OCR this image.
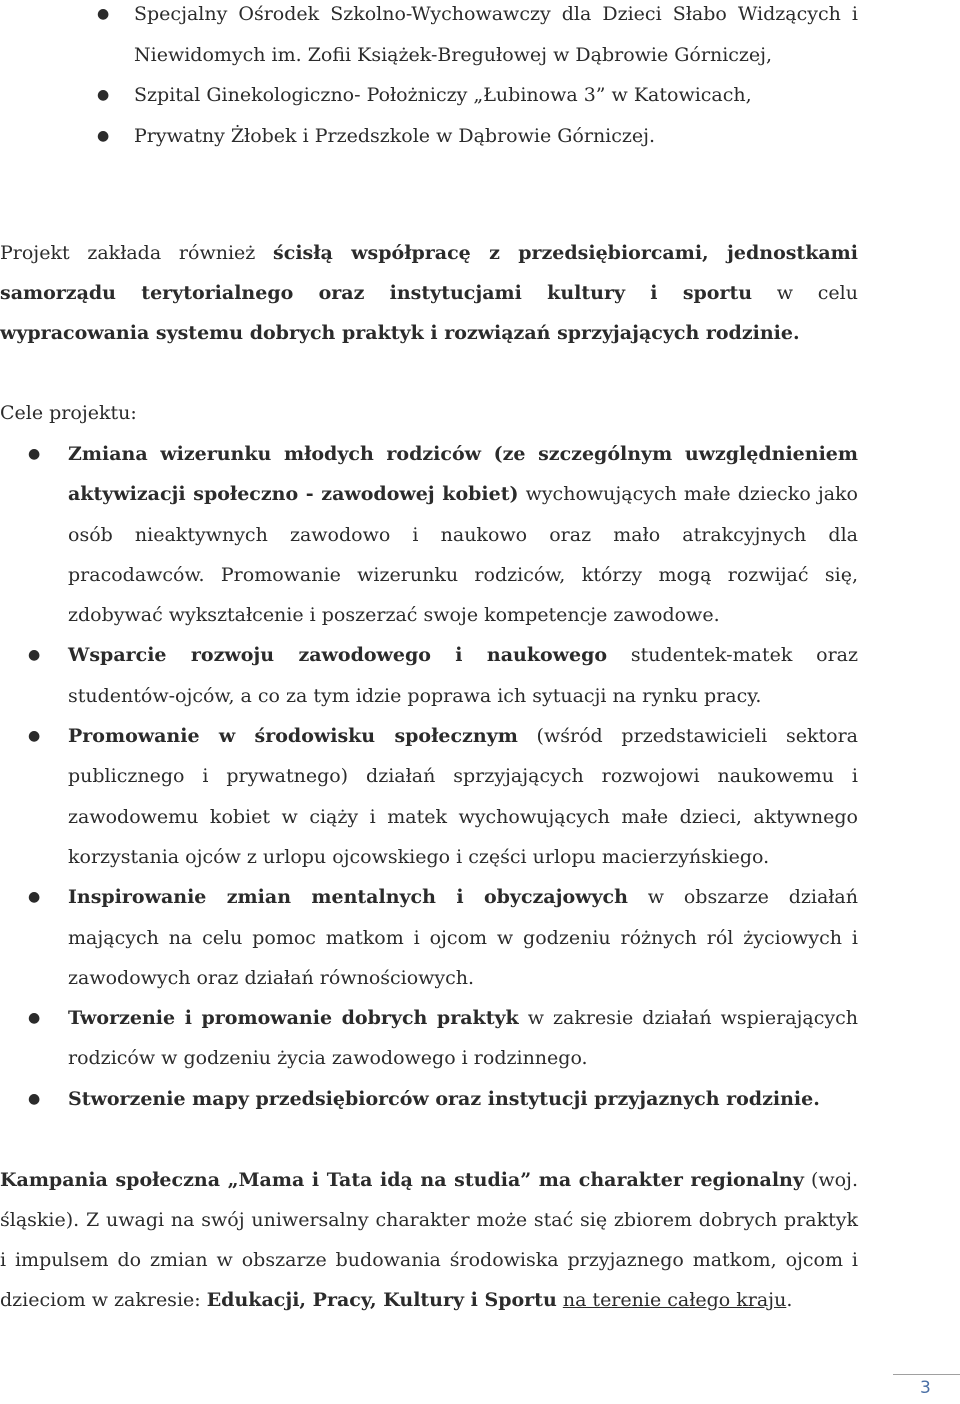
● Specjalny Ośrodek Szkolno-Wychowawczy dla Dzieci Słabo Widzących i Niewidomych im. Zofii Książek-Bregułowej w Dąbrowie Górniczej,
● Szpital Ginekologiczno- Położniczy „Łubinowa 3” w Katowicach,
● Prywatny Żłobek i Przedszkole w Dąbrowie Górniczej.

Projekt zakłada również ścisłą współpracę z przedsiębiorcami, jednostkami samorządu terytorialnego oraz instytucjami kultury i sportu w celu wypracowania systemu dobrych praktyk i rozwiązań sprzyjających rodzinie.

Cele projektu:

● Zmiana wizerunku młodych rodziców (ze szczególnym uwzględnieniem aktywizacji społeczno - zawodowej kobiet) wychowujących małe dziecko jako osób nieaktywnych zawodowo i naukowo oraz mało atrakcyjnych dla pracodawców. Promowanie wizerunku rodziców, którzy mogą rozwijać się, zdobywać wykształcenie i poszerzać swoje kompetencje zawodowe.
● Wsparcie rozwoju zawodowego i naukowego studentek-matek oraz studentów-ojców, a co za tym idzie poprawa ich sytuacji na rynku pracy.
● Promowanie w środowisku społecznym (wśród przedstawicieli sektora publicznego i prywatnego) działań sprzyjających rozwojowi naukowemu i zawodowemu kobiet w ciąży i matek wychowujących małe dzieci, aktywnego korzystania ojców z urlopu ojcowskiego i części urlopu macierzyńskiego.
● Inspirowanie zmian mentalnych i obyczajowych w obszarze działań mających na celu pomoc matkom i ojcom w godzeniu różnych ról życiowych i zawodowych oraz działań równościowych.
● Tworzenie i promowanie dobrych praktyk w zakresie działań wspierających rodziców w godzeniu życia zawodowego i rodzinnego.
● Stworzenie mapy przedsiębiorców oraz instytucji przyjaznych rodzinie.

Kampania społeczna „Mama i Tata idą na studia” ma charakter regionalny (woj. śląskie). Z uwagi na swój uniwersalny charakter może stać się zbiorem dobrych praktyk i impulsem do zmian w obszarze budowania środowiska przyjaznego matkom, ojcom i dzieciom w zakresie: Edukacji, Pracy, Kultury i Sportu na terenie całego kraju.

3
